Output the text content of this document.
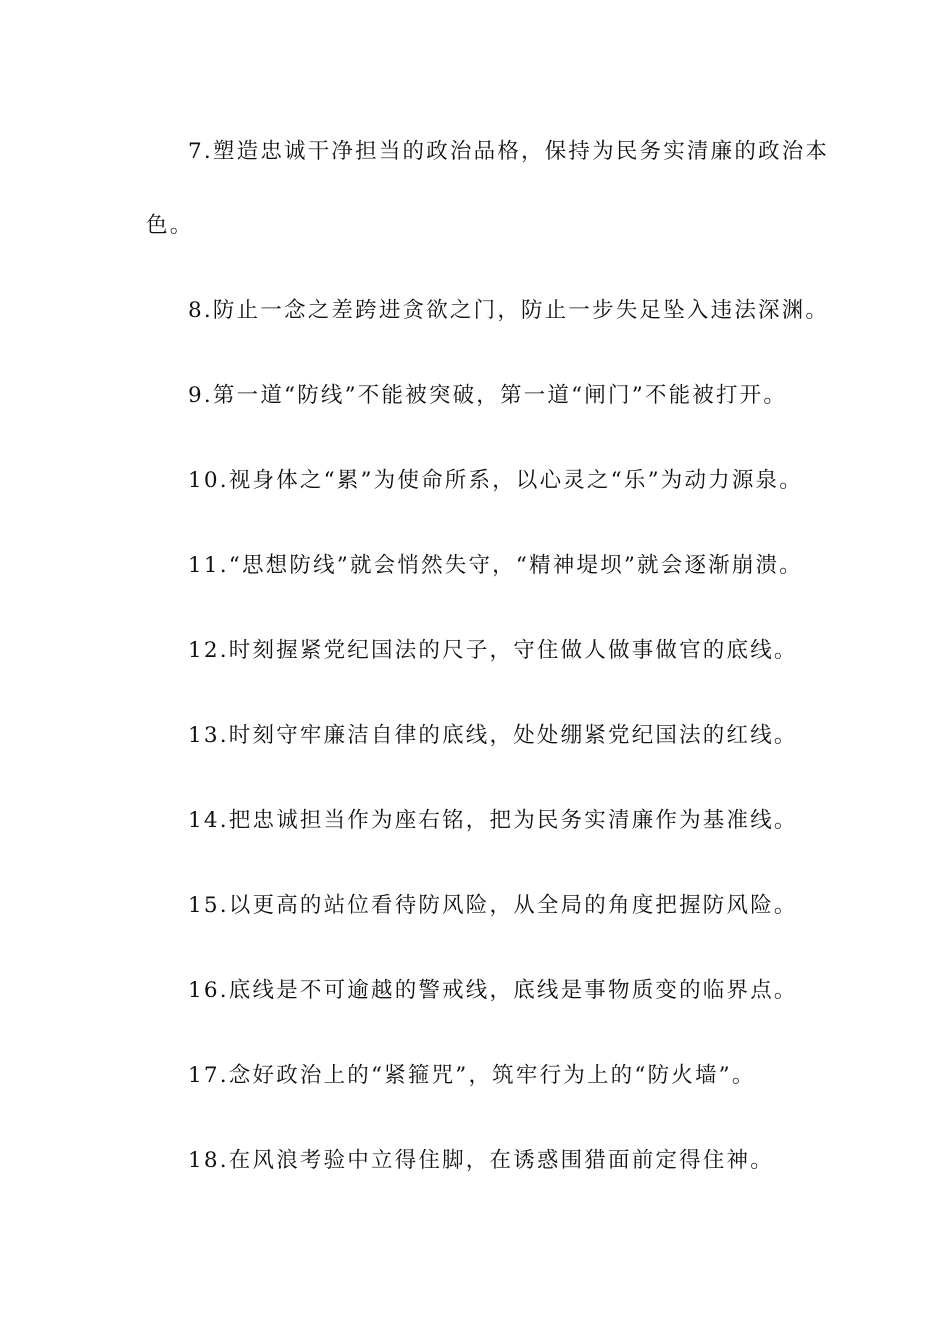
7.塑造忠诚干净担当的政治品格，保持为民务实清廉的政治本

色。

8.防止一念之差跨进贪欲之门，防止一步失足坠入违法深渊。

9.第一道“防线”不能被突破，第一道“闸门”不能被打开。

10.视身体之“累”为使命所系，以心灵之“乐”为动力源泉。

11.“思想防线”就会悄然失守，“精神堤坝”就会逐渐崩溃。

12.时刻握紧党纪国法的尺子，守住做人做事做官的底线。

13.时刻守牢廉洁自律的底线，处处绷紧党纪国法的红线。

14.把忠诚担当作为座右铭，把为民务实清廉作为基准线。

15.以更高的站位看待防风险，从全局的角度把握防风险。

16.底线是不可逾越的警戒线，底线是事物质变的临界点。

17.念好政治上的“紧箍咒”，筑牢行为上的“防火墙”。

18.在风浪考验中立得住脚，在诱惑围猎面前定得住神。
